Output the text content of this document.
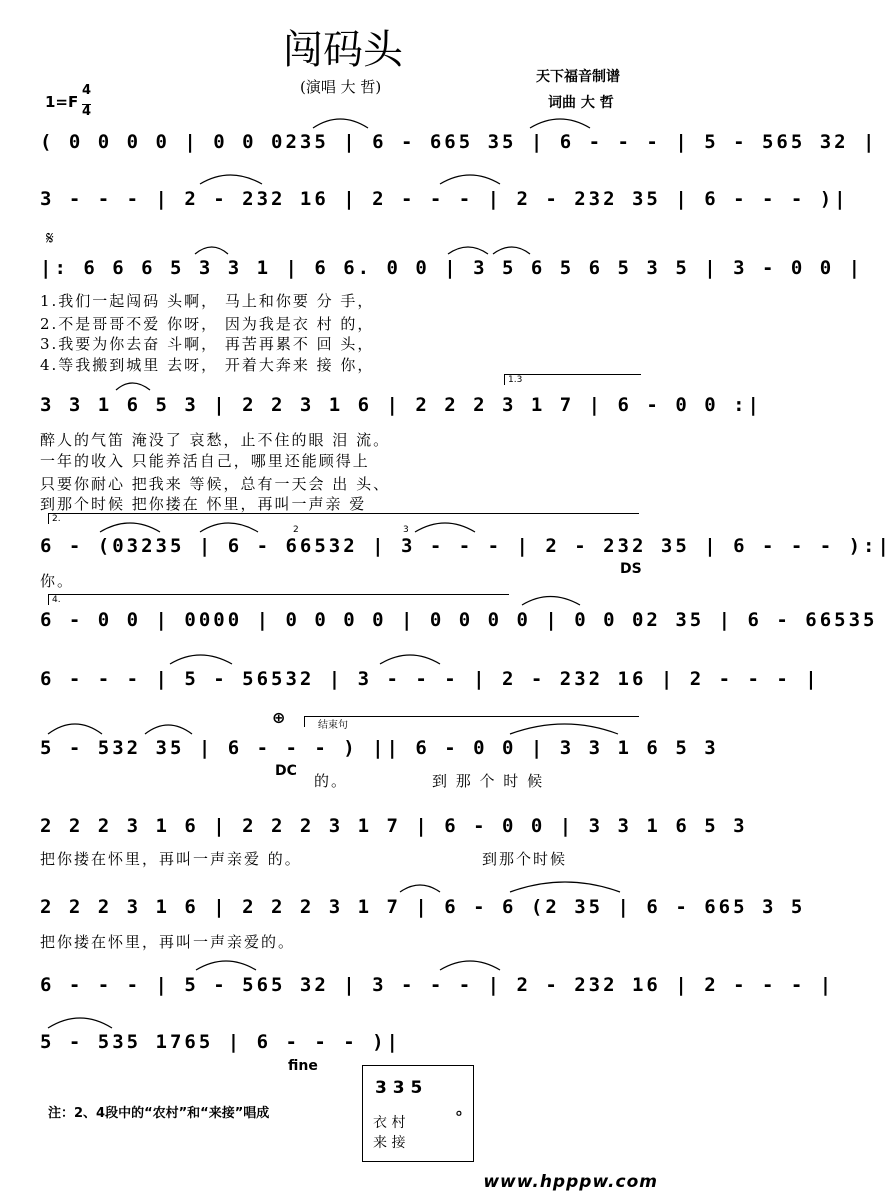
闯码头
(演唱 大 哲)
天下福音制谱
词曲 大 哲
1=F
4
4
( 0 0 0 0 | 0 0 0235 | 6 - 665 35 | 6 - - - | 5 - 565 32 |
3 - - - | 2 - 232 16 | 2 - - - | 2 - 232 35 | 6 - - - )|
𝄋
|: 6 6 6 5 3 3 1 | 6 6. 0 0 | 3 5 6 5 6 5 3 5 | 3 - 0 0 |
1.我们一起闯码 头啊， 马上和你要 分 手，
2.不是哥哥不爱 你呀， 因为我是衣 村 的，
3.我要为你去奋 斗啊， 再苦再累不 回 头，
4.等我搬到城里 去呀， 开着大奔来 接 你，
1.3
3 3 1 6 5 3 | 2 2 3 1 6 | 2 2 2 3 1 7 | 6 - 0 0 :|
醉人的气笛 淹没了 哀愁，止不住的眼 泪 流。
一年的收入 只能养活自己，哪里还能顾得上
只要你耐心 把我来 等候，总有一天会 出 头、
到那个时候 把你搂在 怀里，再叫一声亲 爱
2.
2	3
6 - (03235 | 6 - 66532 | 3 - - - | 2 - 232 35 | 6 - - - ):|
你。
DS
4.
6 - 0 0 | 0000 | 0 0 0 0 | 0 0 0 0 | 0 0 02 35 | 6 - 66535
6 - - - | 5 - 56532 | 3 - - - | 2 - 232 16 | 2 - - - |
⊕	结束句
5 - 532 35 | 6 - - - ) || 6 - 0 0 | 3 3 1 6 5 3
DC
的。	到 那 个 时 候
2 2 2 3 1 6 | 2 2 2 3 1 7 | 6 - 0 0 | 3 3 1 6 5 3
把你搂在怀里，再叫一声亲爱 的。	到那个时候
2 2 2 3 1 6 | 2 2 2 3 1 7 | 6 - 6 (2 35 | 6 - 665 3 5
把你搂在怀里，再叫一声亲爱的。
6 - - - | 5 - 565 32 | 3 - - - | 2 - 232 16 | 2 - - - |
5 - 535 1765 | 6 - - - )|
fine
注：2、4段中的“农村”和“来接”唱成
3 3 5
衣 村
来 接
。
www.hpppw.com
